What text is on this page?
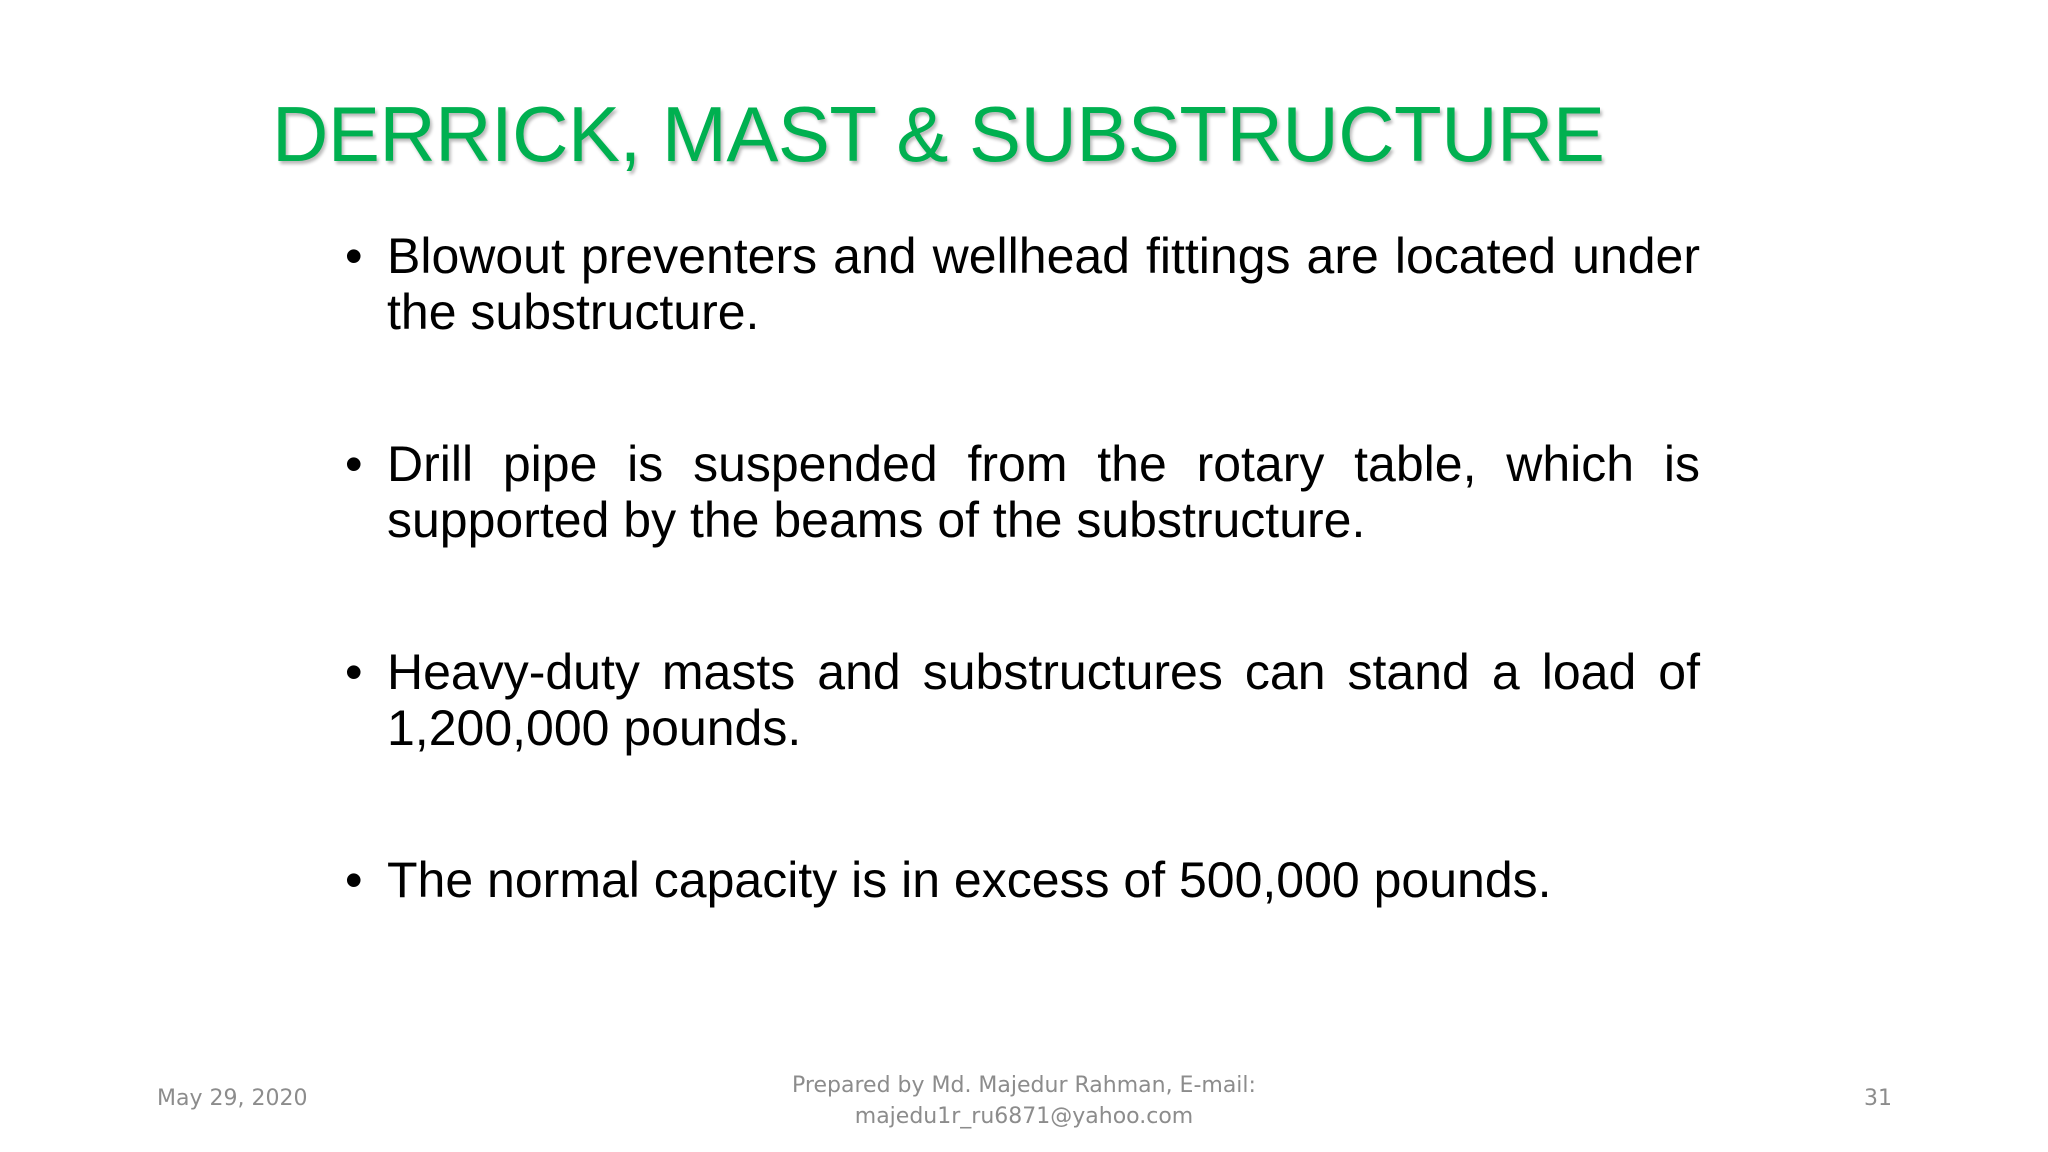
DERRICK, MAST & SUBSTRUCTURE
• Blowout preventers and wellhead fittings are located under the substructure.
• Drill pipe is suspended from the rotary table, which is supported by the beams of the substructure.
• Heavy-duty masts and substructures can stand a load of 1,200,000 pounds.
• The normal capacity is in excess of 500,000 pounds.
May 29, 2020
Prepared by Md. Majedur Rahman, E-mail:
majedu1r_ru6871@yahoo.com
31
